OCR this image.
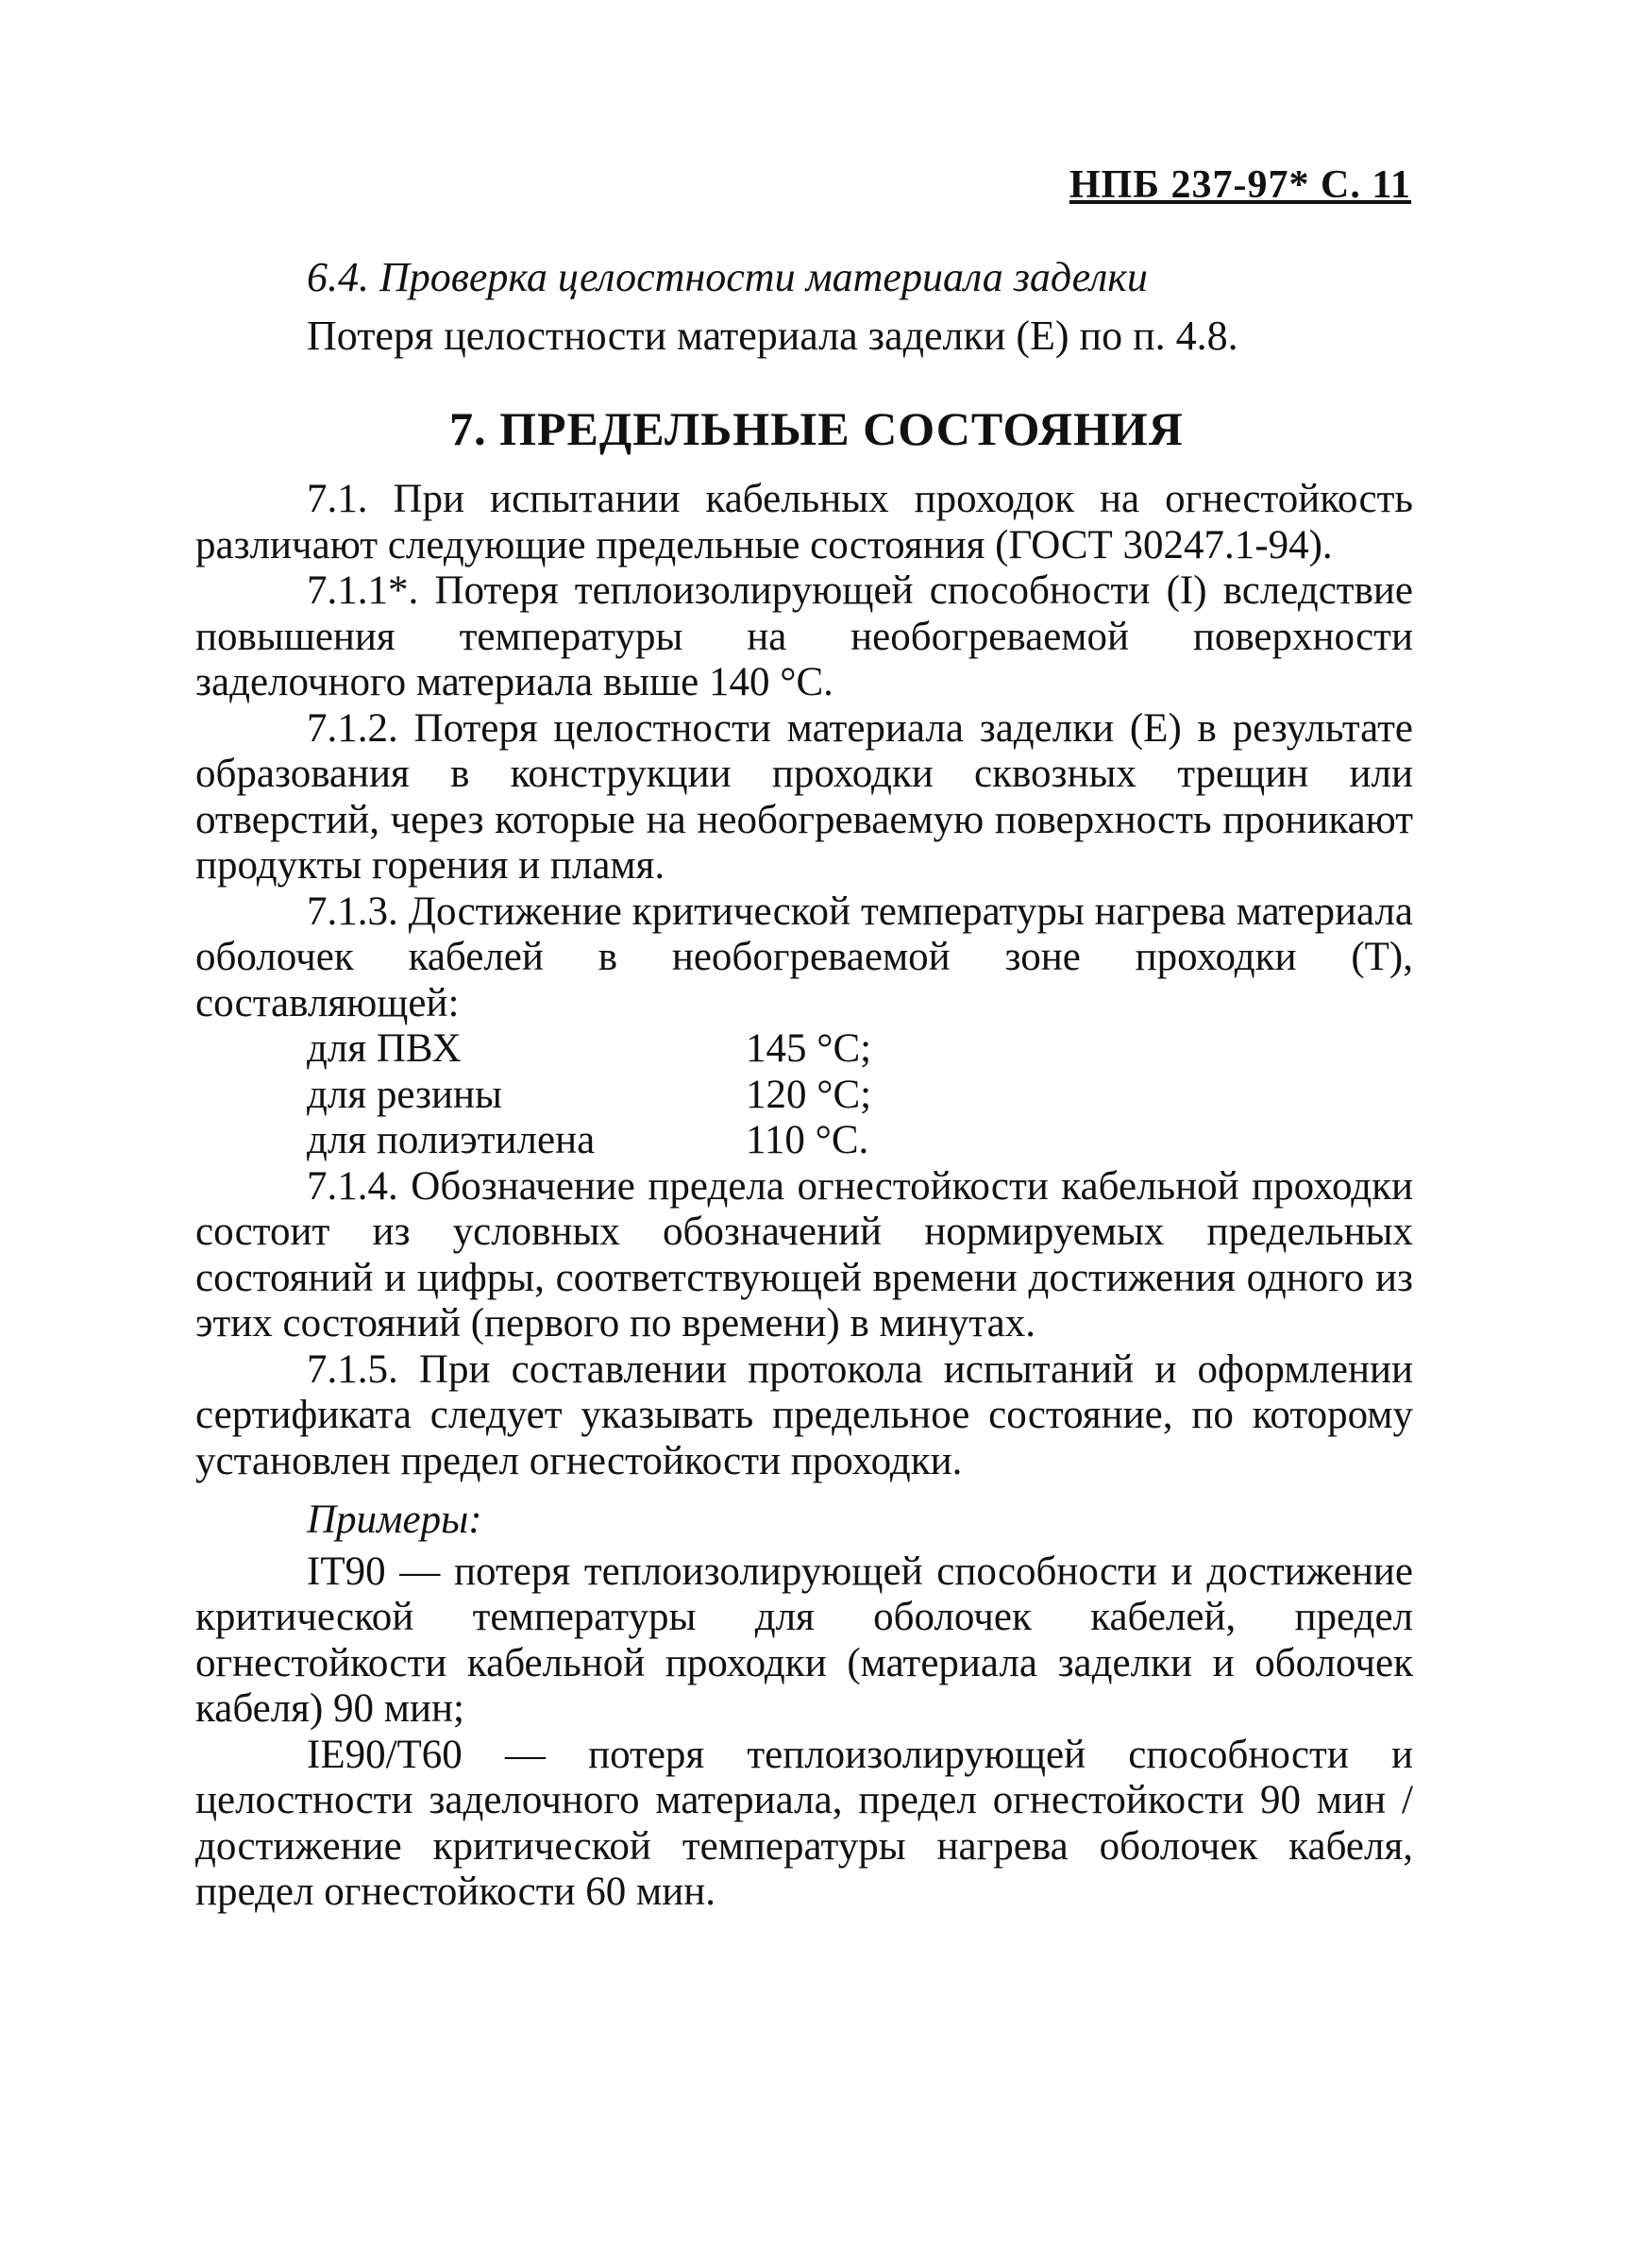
НПБ 237-97* С. 11
6.4. Проверка целостности материала заделки
Потеря целостности материала заделки (Е) по п. 4.8.
7. ПРЕДЕЛЬНЫЕ СОСТОЯНИЯ

7.1. При испытании кабельных проходок на огнестойкость различают следующие предельные состояния (ГОСТ 30247.1-94).

7.1.1*. Потеря теплоизолирующей способности (I) вследствие повышения температуры на необогреваемой поверхности заделочного материала выше 140 °С.

7.1.2. Потеря целостности материала заделки (Е) в результате образования в конструкции проходки сквозных трещин или отверстий, через которые на необогреваемую поверхность проникают продукты горения и пламя.

7.1.3. Достижение критической температуры нагрева материала оболочек кабелей в необогреваемой зоне проходки (Т), составляющей:

для ПВХ	145 °С;
для резины	120 °С;
для полиэтилена	110 °С.

7.1.4. Обозначение предела огнестойкости кабельной проходки состоит из условных обозначений нормируемых предельных состояний и цифры, соответствующей времени достижения одного из этих состояний (первого по времени) в минутах.

7.1.5. При составлении протокола испытаний и оформлении сертификата следует указывать предельное состояние, по которому установлен предел огнестойкости проходки.

Примеры:

IT90 — потеря теплоизолирующей способности и достижение критической температуры для оболочек кабелей, предел огнестойкости кабельной проходки (материала заделки и оболочек кабеля) 90 мин;

IE90/Т60 — потеря теплоизолирующей способности и целостности заделочного материала, предел огнестойкости 90 мин / достижение критической температуры нагрева оболочек кабеля, предел огнестойкости 60 мин.
